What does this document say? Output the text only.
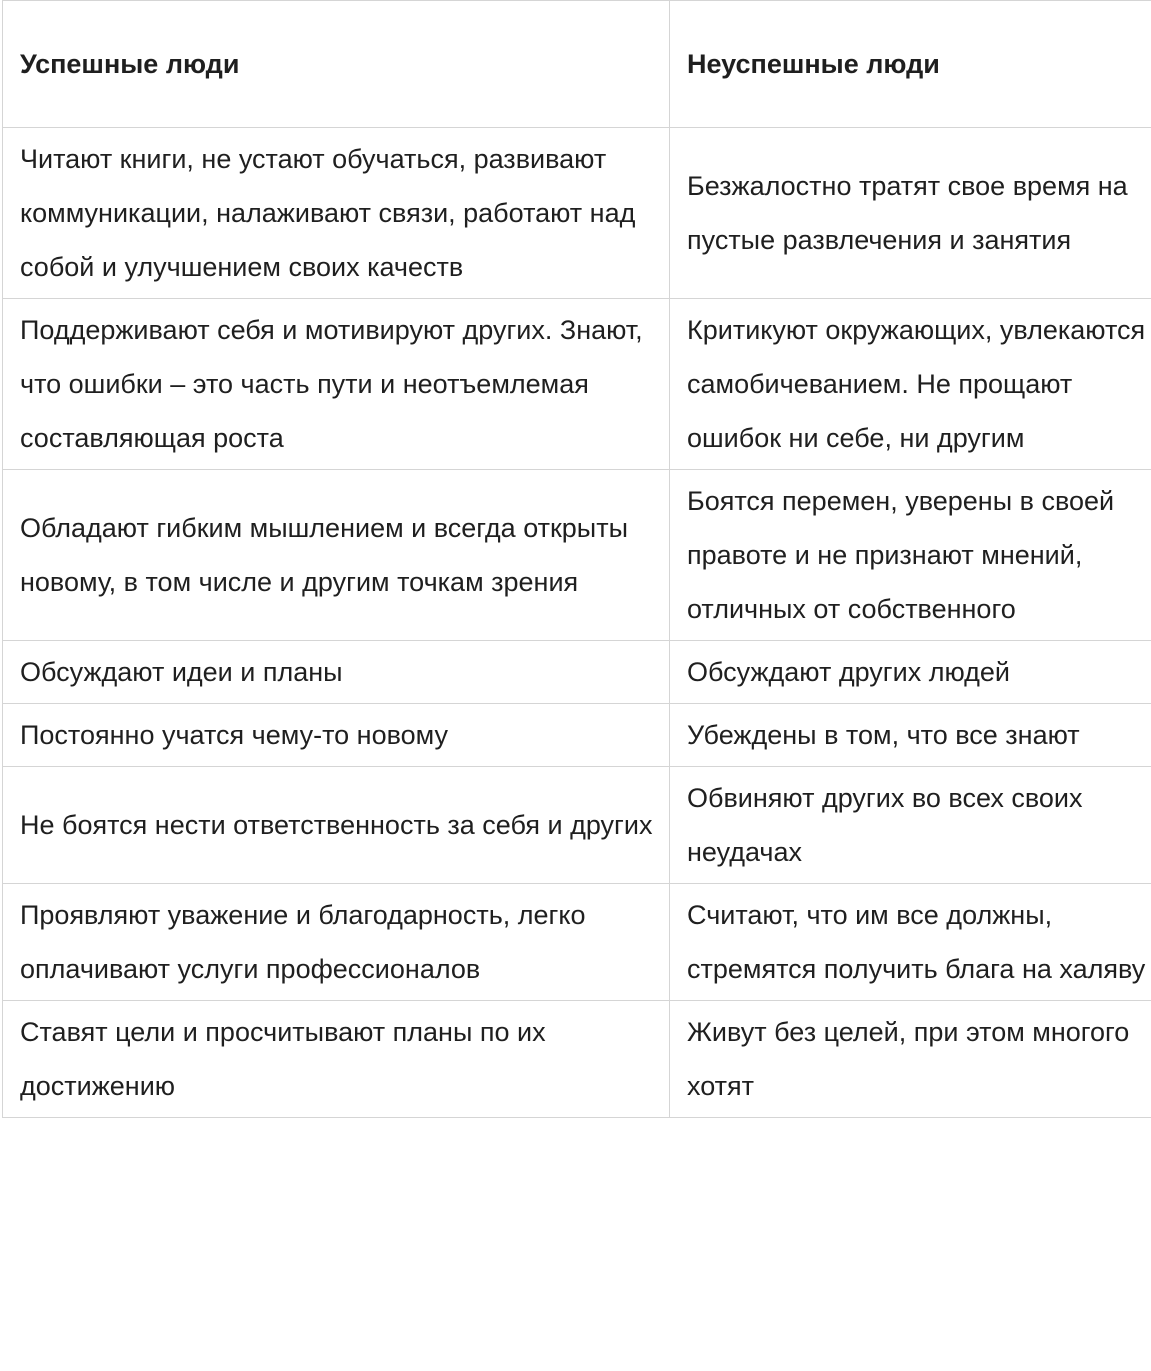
Успешные люди	Неуспешные люди
Читают книги, не устают обучаться, развивают коммуникации, налаживают связи, работают над собой и улучшением своих качеств	Безжалостно тратят свое время на пустые развлечения и занятия
Поддерживают себя и мотивируют других. Знают, что ошибки – это часть пути и неотъемлемая составляющая роста	Критикуют окружающих, увлекаются самобичеванием. Не прощают ошибок ни себе, ни другим
Обладают гибким мышлением и всегда открыты новому, в том числе и другим точкам зрения	Боятся перемен, уверены в своей правоте и не признают мнений, отличных от собственного
Обсуждают идеи и планы	Обсуждают других людей
Постоянно учатся чему-то новому	Убеждены в том, что все знают
Не боятся нести ответственность за себя и других	Обвиняют других во всех своих неудачах
Проявляют уважение и благодарность, легко оплачивают услуги профессионалов	Считают, что им все должны, стремятся получить блага на халяву
Ставят цели и просчитывают планы по их достижению	Живут без целей, при этом многого хотят
